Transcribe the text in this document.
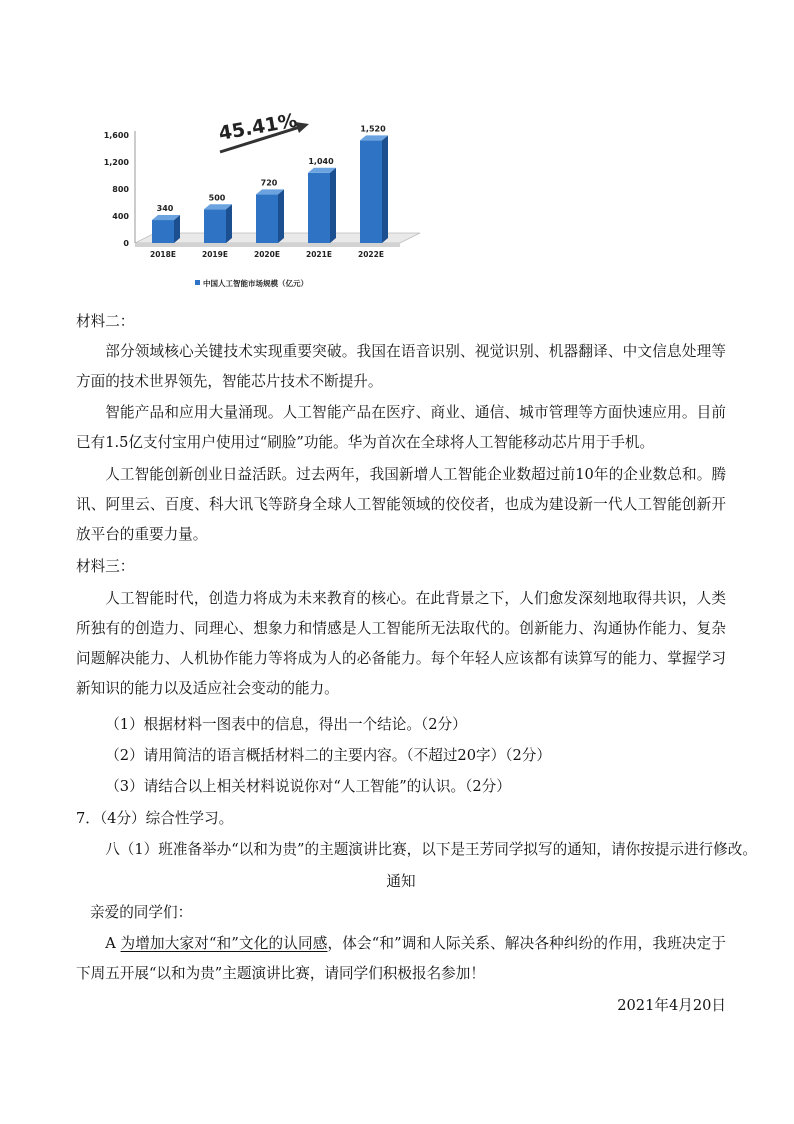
0
400
800
1,200
1,600
340
2018E
500
2019E
720
2020E
1,040
2021E
1,520
2022E
45.41%
中国人工智能市场规模（亿元）

材料二：

部分领域核心关键技术实现重要突破。我国在语音识别、视觉识别、机器翻译、中文信息处理等方面的技术世界领先，智能芯片技术不断提升。

智能产品和应用大量涌现。人工智能产品在医疗、商业、通信、城市管理等方面快速应用。目前已有1.5亿支付宝用户使用过“刷脸”功能。华为首次在全球将人工智能移动芯片用于手机。

人工智能创新创业日益活跃。过去两年，我国新增人工智能企业数超过前10年的企业数总和。腾讯、阿里云、百度、科大讯飞等跻身全球人工智能领域的佼佼者，也成为建设新一代人工智能创新开放平台的重要力量。

材料三：

人工智能时代，创造力将成为未来教育的核心。在此背景之下，人们愈发深刻地取得共识，人类所独有的创造力、同理心、想象力和情感是人工智能所无法取代的。创新能力、沟通协作能力、复杂问题解决能力、人机协作能力等将成为人的必备能力。每个年轻人应该都有读算写的能力、掌握学习新知识的能力以及适应社会变动的能力。

（1）根据材料一图表中的信息，得出一个结论。（2分）

（2）请用简洁的语言概括材料二的主要内容。（不超过20字）（2分）

（3）请结合以上相关材料说说你对“人工智能”的认识。（2分）

7．（4分）综合性学习。

八（1）班准备举办“以和为贵”的主题演讲比赛，以下是王芳同学拟写的通知，请你按提示进行修改。

通知

亲爱的同学们：

A 为增加大家对“和”文化的认同感，体会“和”调和人际关系、解决各种纠纷的作用，我班决定于下周五开展“以和为贵”主题演讲比赛，请同学们积极报名参加！

2021年4月20日
